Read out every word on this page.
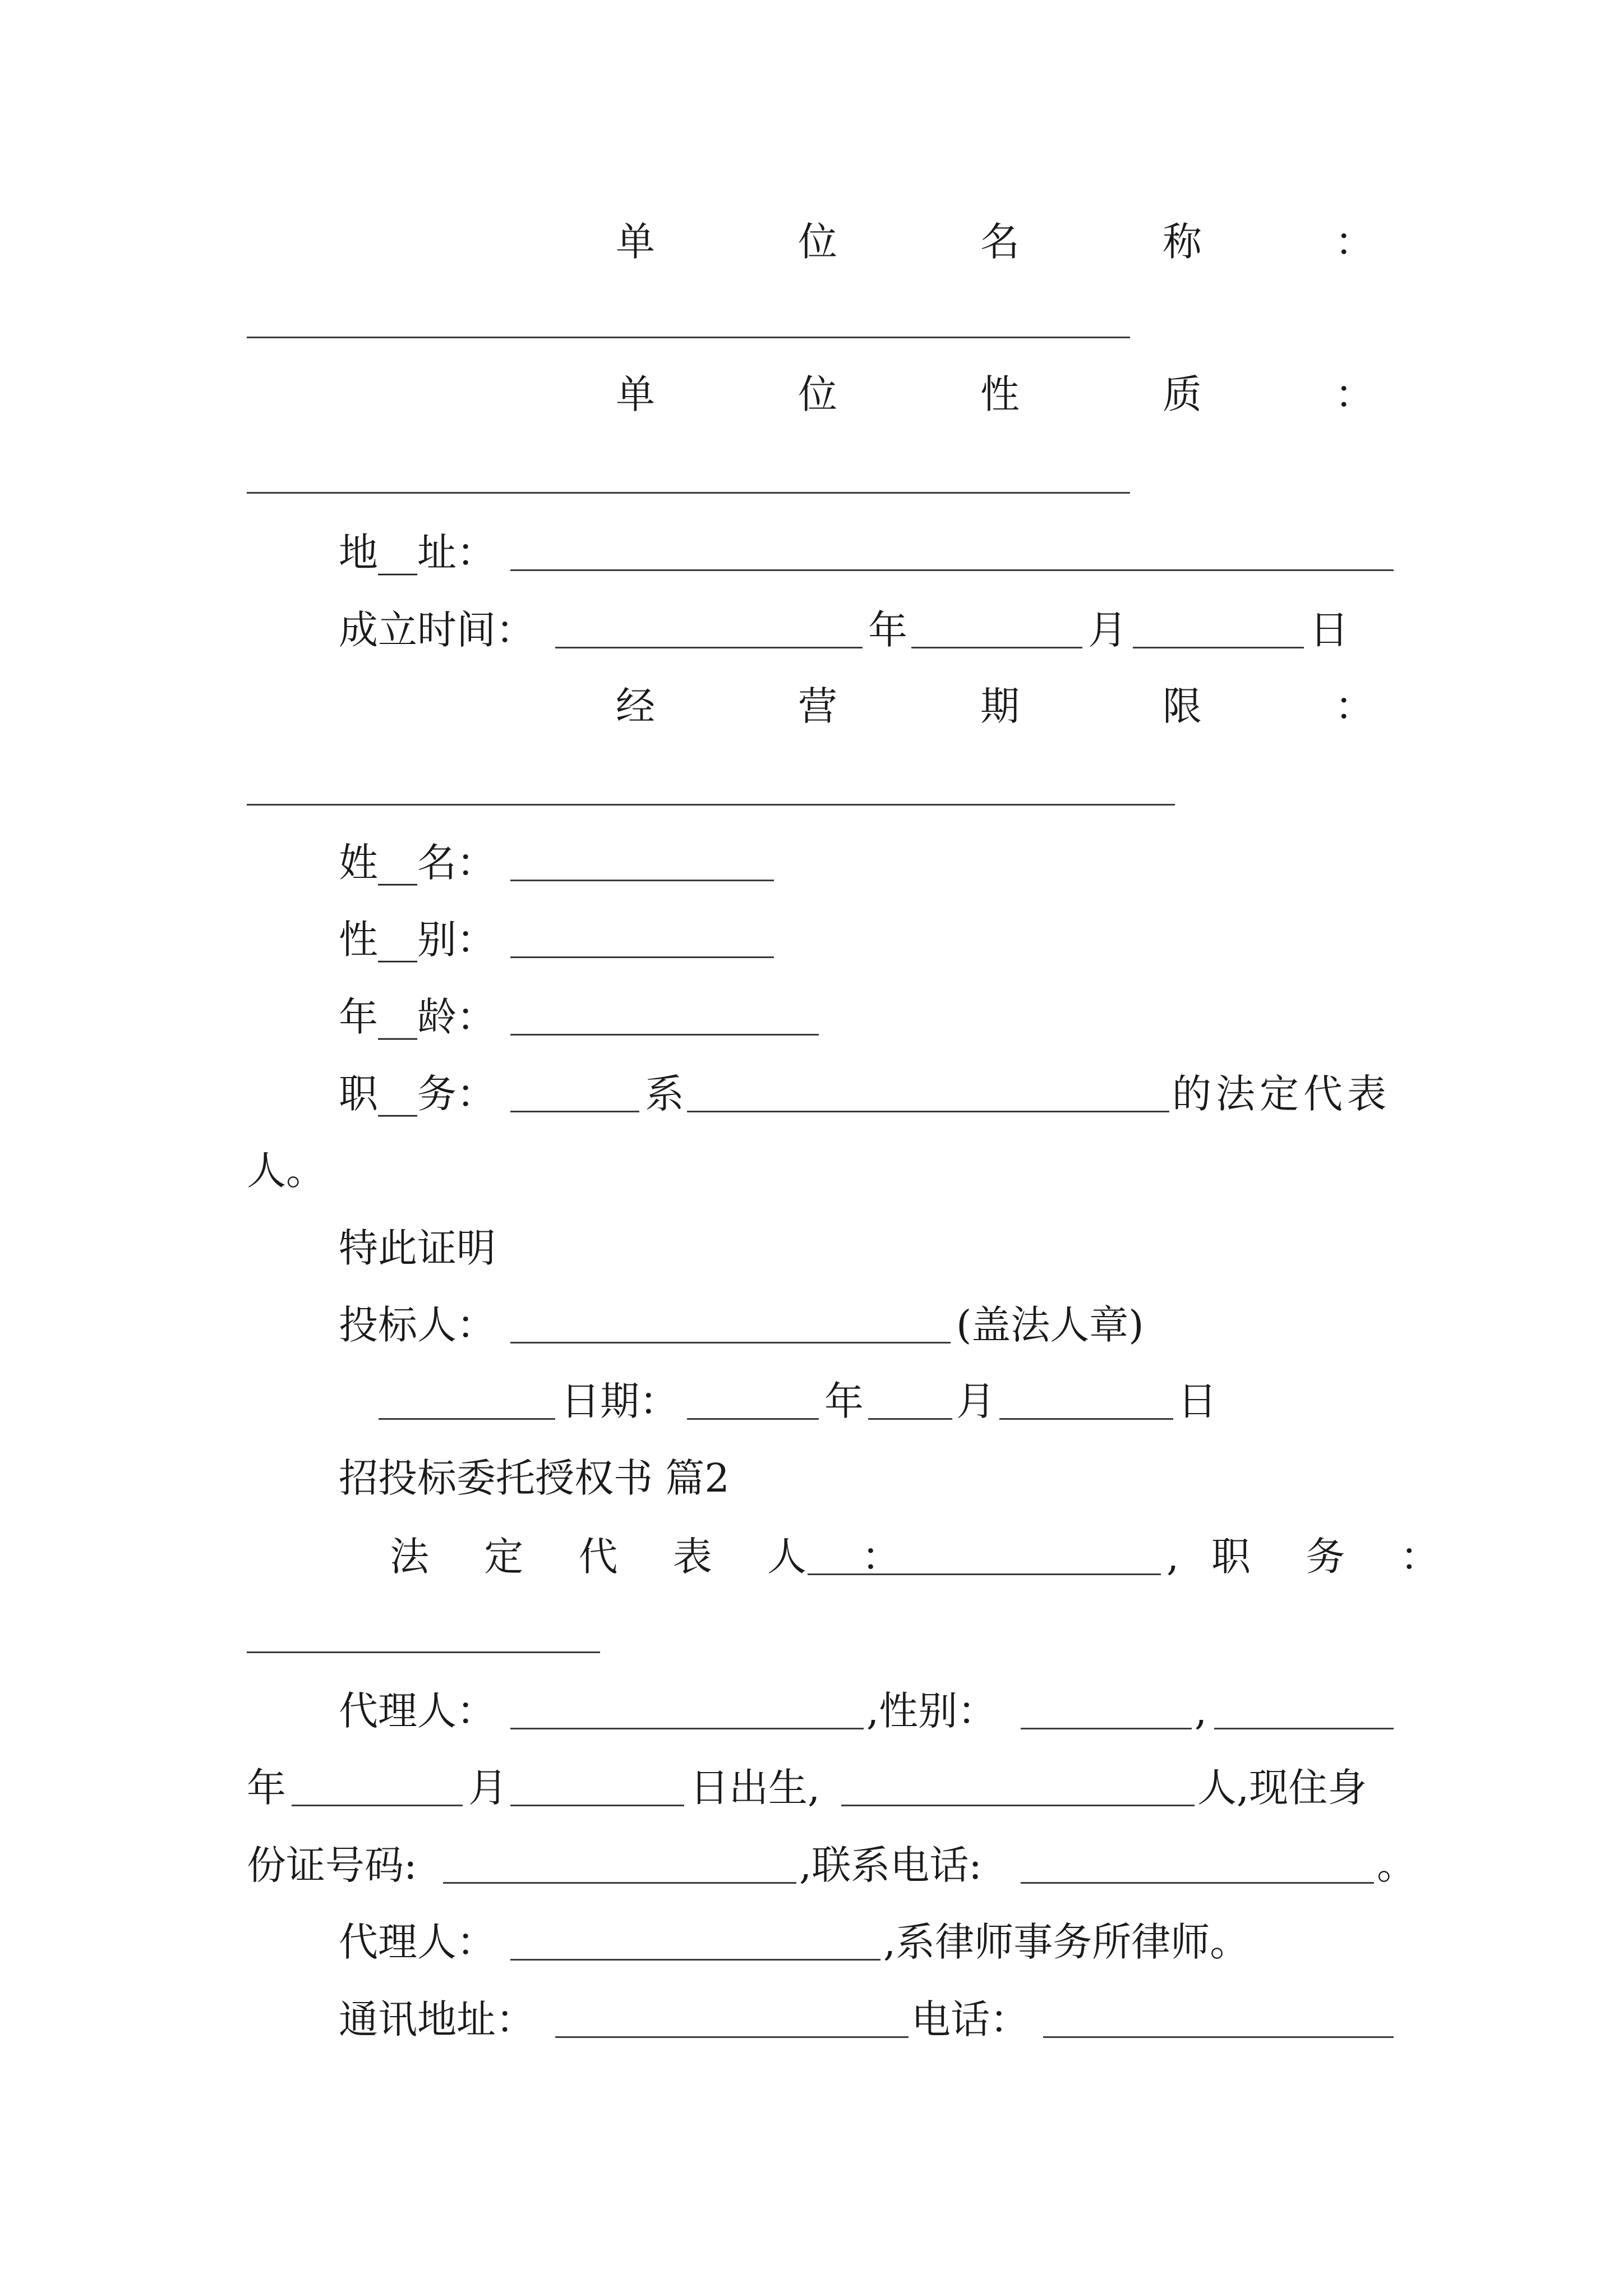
单	位	名	称	：
单	位	性	质	：
地__址：
成立时间：	年	月	日
经	营	期	限	：
姓__名：
性__别：
年__龄：
职__务：	系	的法定代表
人。
特此证明
投标人：	(盖法人章)
日期：	年 月	日
招投标委托授权书 篇2
法 定 代 表 人 ：	, 职 务 ：
代理人：	,性别：	,
年	月	日出生,	人,现住身
份证号码:	,联系电话:	。
代理人：	,系律师事务所律师。
通讯地址：	电话：
